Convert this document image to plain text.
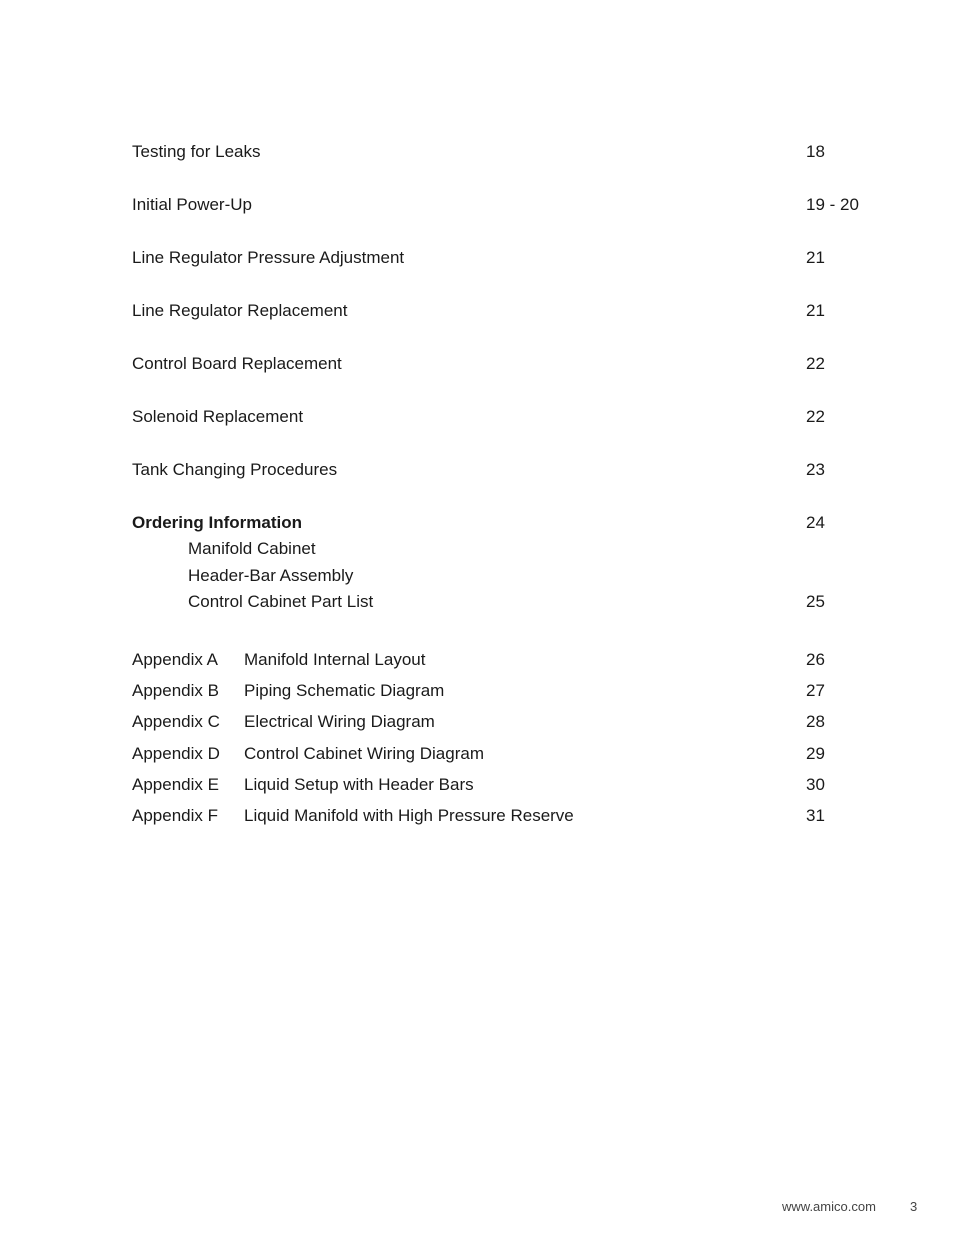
Testing for Leaks	18
Initial Power-Up	19 - 20
Line Regulator Pressure Adjustment	21
Line Regulator Replacement	21
Control Board Replacement	22
Solenoid Replacement	22
Tank Changing Procedures	23
Ordering Information	24
Manifold Cabinet
Header-Bar Assembly
Control Cabinet Part List	25
Appendix A Manifold Internal Layout	26
Appendix B Piping Schematic Diagram	27
Appendix C Electrical Wiring Diagram	28
Appendix D Control Cabinet Wiring Diagram	29
Appendix E Liquid Setup with Header Bars	30
Appendix F Liquid Manifold with High Pressure Reserve	31
www.amico.com	3
